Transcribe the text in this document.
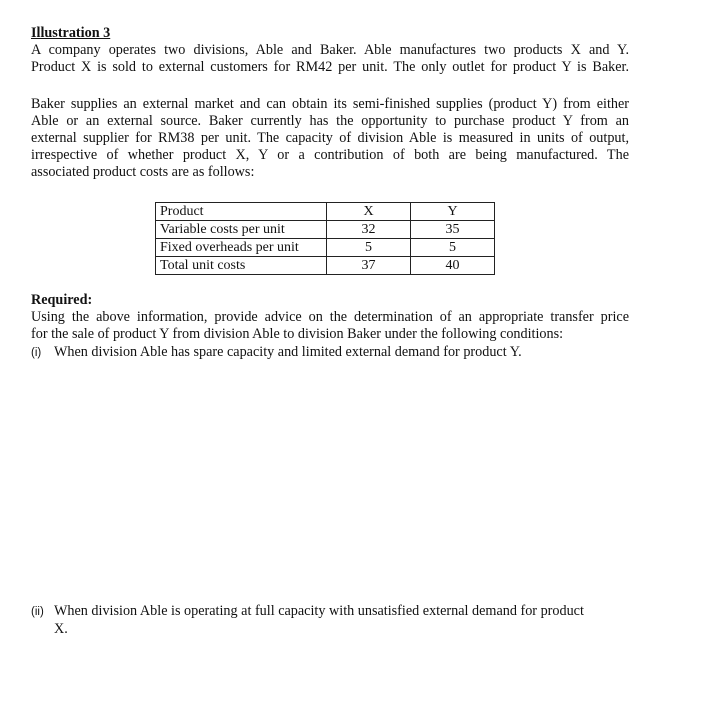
Illustration 3
A company operates two divisions, Able and Baker. Able manufactures two products X and Y.
Product X is sold to external customers for RM42 per unit. The only outlet for product Y is Baker.
Baker supplies an external market and can obtain its semi-finished supplies (product Y) from either
Able or an external source. Baker currently has the opportunity to purchase product Y from an
external supplier for RM38 per unit. The capacity of division Able is measured in units of output,
irrespective of whether product X, Y or a contribution of both are being manufactured. The
associated product costs are as follows:
Product	X	Y
Variable costs per unit	32	35
Fixed overheads per unit	5	5
Total unit costs	37	40
Required:
Using the above information, provide advice on the determination of an appropriate transfer price
for the sale of product Y from division Able to division Baker under the following conditions:
(i) When division Able has spare capacity and limited external demand for product Y.
(ii) When division Able is operating at full capacity with unsatisfied external demand for product
X.
